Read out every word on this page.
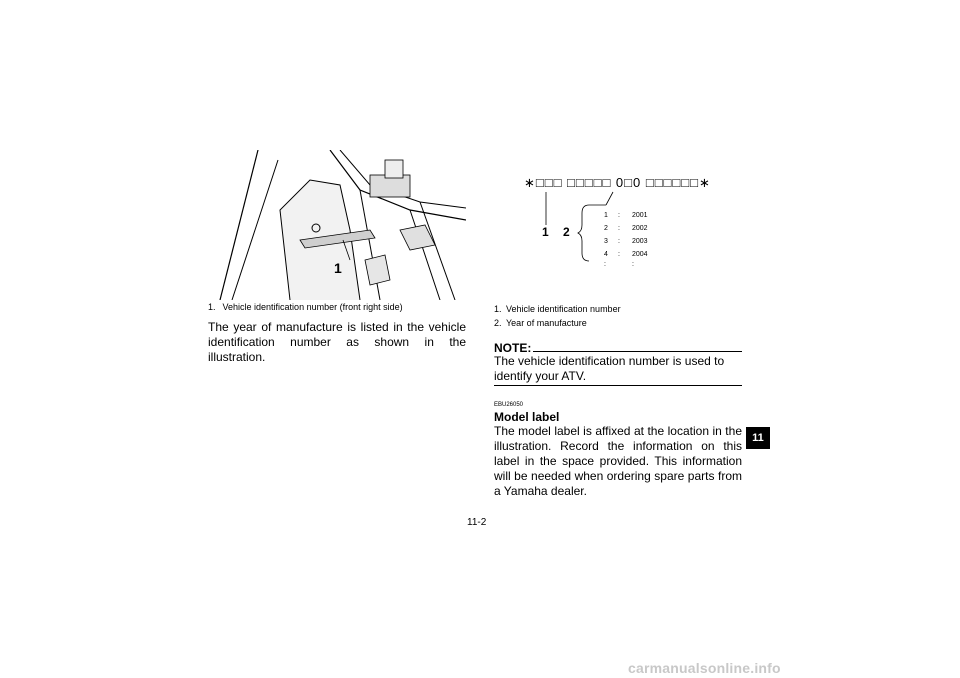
1
1. Vehicle identification number (front right side)
The year of manufacture is listed in the vehicle identification number as shown in the illustration.
∗□□□ □□□□□ 0□0 □□□□□□∗
1 2
1 : 2001
2 : 2002
3 : 2003
4 : 2004
:	:
1. Vehicle identification number
2. Year of manufacture
NOTE:
The vehicle identification number is used to identify your ATV.
EBU26050
Model label
The model label is affixed at the location in the illustration. Record the information on this label in the space provided. This information will be needed when ordering spare parts from a Yamaha dealer.
11
11-2
carmanualsonline.info
